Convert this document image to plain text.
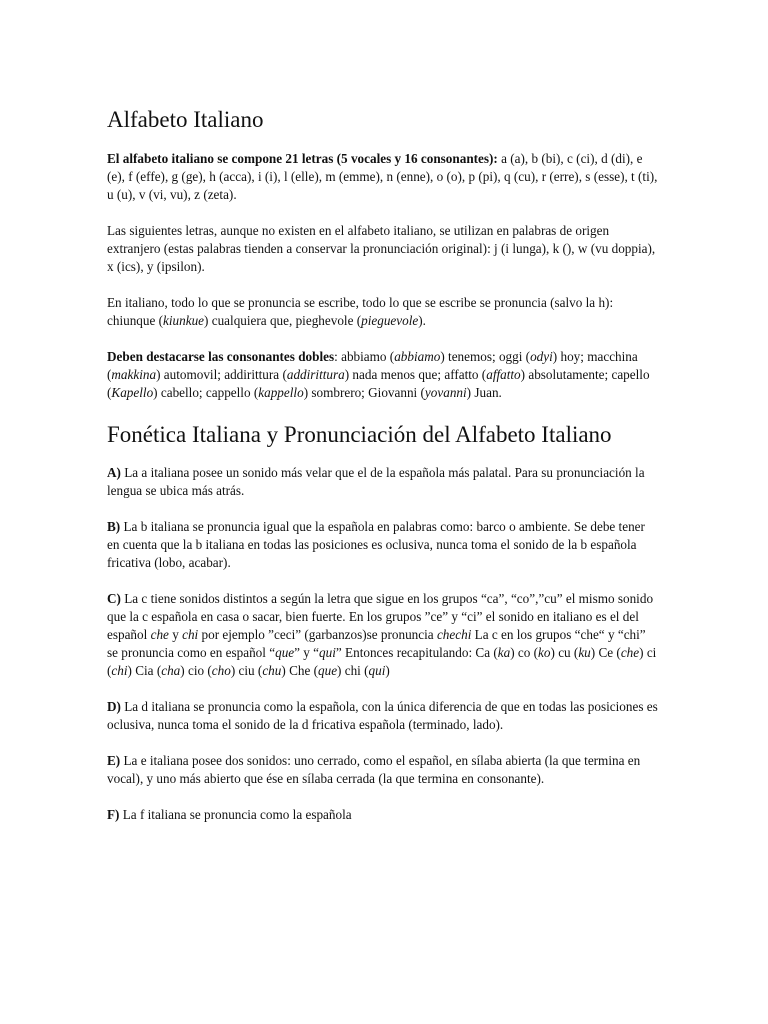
Alfabeto Italiano

El alfabeto italiano se compone 21 letras (5 vocales y 16 consonantes): a (a), b (bi), c (ci), d (di), e (e), f (effe), g (ge), h (acca), i (i), l (elle), m (emme), n (enne), o (o), p (pi), q (cu), r (erre), s (esse), t (ti), u (u), v (vi, vu), z (zeta).

Las siguientes letras, aunque no existen en el alfabeto italiano, se utilizan en palabras de origen extranjero (estas palabras tienden a conservar la pronunciación original): j (i lunga), k (), w (vu doppia), x (ics), y (ipsilon).

En italiano, todo lo que se pronuncia se escribe, todo lo que se escribe se pronuncia (salvo la h): chiunque (kiunkue) cualquiera que, pieghevole (pieguevole).

Deben destacarse las consonantes dobles: abbiamo (abbiamo) tenemos; oggi (odyi) hoy; macchina (makkina) automovil; addirittura (addirittura) nada menos que; affatto (affatto) absolutamente; capello (Kapello) cabello; cappello (kappello) sombrero; Giovanni (yovanni) Juan.

Fonética Italiana y Pronunciación del Alfabeto Italiano

A) La a italiana posee un sonido más velar que el de la española más palatal. Para su pronunciación la lengua se ubica más atrás.

B) La b italiana se pronuncia igual que la española en palabras como: barco o ambiente. Se debe tener en cuenta que la b italiana en todas las posiciones es oclusiva, nunca toma el sonido de la b española fricativa (lobo, acabar).

C) La c tiene sonidos distintos a según la letra que sigue en los grupos “ca”, “co”,”cu” el mismo sonido que la c española en casa o sacar, bien fuerte. En los grupos ”ce” y “ci” el sonido en italiano es el del español che y chi por ejemplo ”ceci” (garbanzos)se pronuncia chechi La c en los grupos “che“ y “chi” se pronuncia como en español “que” y “qui” Entonces recapitulando: Ca (ka) co (ko) cu (ku) Ce (che) ci (chi) Cia (cha) cio (cho) ciu (chu) Che (que) chi (qui)

D) La d italiana se pronuncia como la española, con la única diferencia de que en todas las posiciones es oclusiva, nunca toma el sonido de la d fricativa española (terminado, lado).

E) La e italiana posee dos sonidos: uno cerrado, como el español, en sílaba abierta (la que termina en vocal), y uno más abierto que ése en sílaba cerrada (la que termina en consonante).

F) La f italiana se pronuncia como la española
